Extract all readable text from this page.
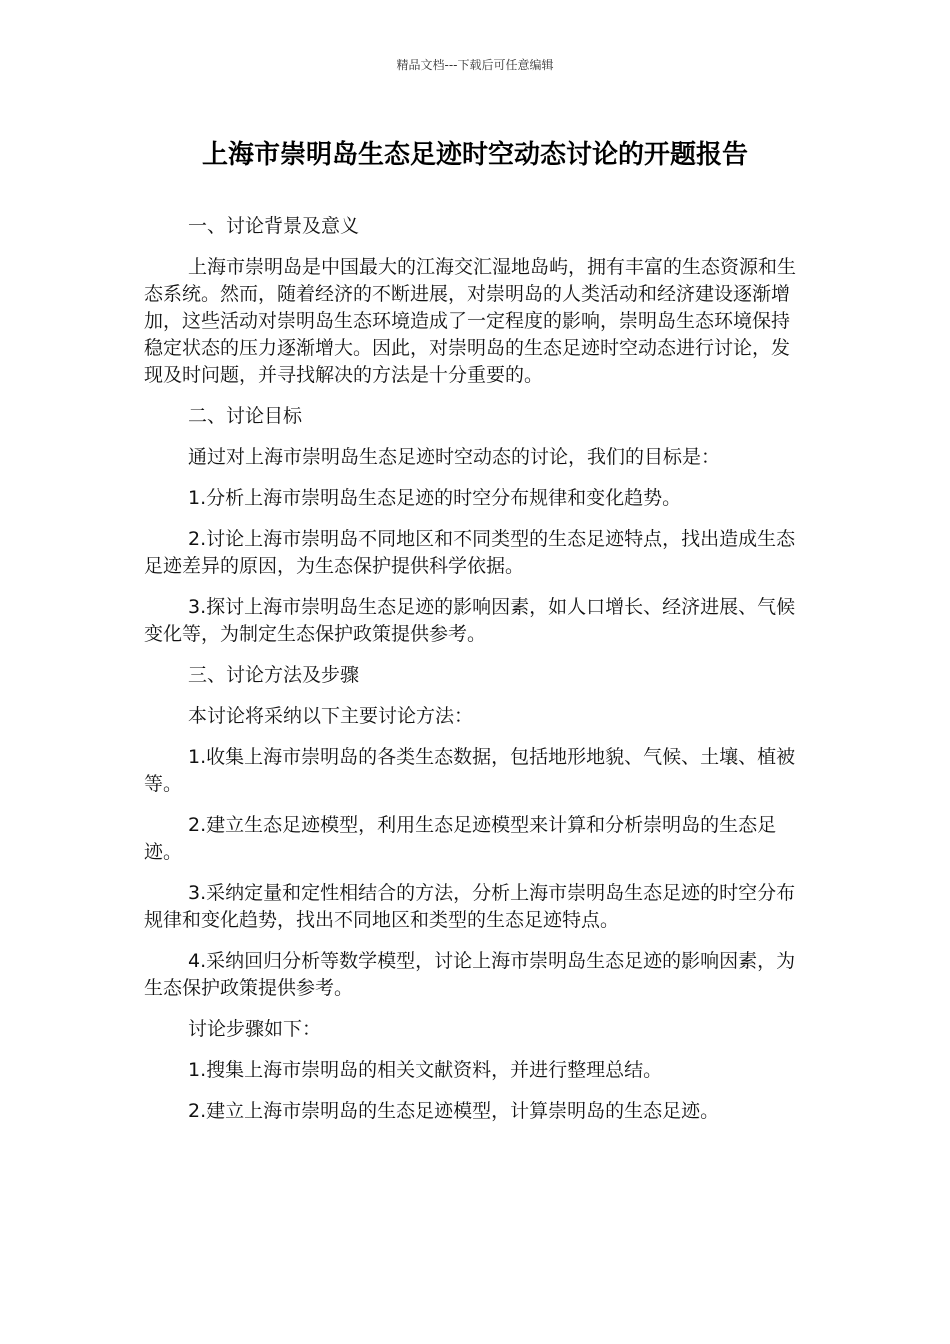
精品文档---下载后可任意编辑
上海市崇明岛生态足迹时空动态讨论的开题报告

一、讨论背景及意义

上海市崇明岛是中国最大的江海交汇湿地岛屿，拥有丰富的生态资源和生态系统。然而，随着经济的不断进展，对崇明岛的人类活动和经济建设逐渐增加，这些活动对崇明岛生态环境造成了一定程度的影响，崇明岛生态环境保持稳定状态的压力逐渐增大。因此，对崇明岛的生态足迹时空动态进行讨论，发现及时问题，并寻找解决的方法是十分重要的。

二、讨论目标

通过对上海市崇明岛生态足迹时空动态的讨论，我们的目标是：

1.分析上海市崇明岛生态足迹的时空分布规律和变化趋势。

2.讨论上海市崇明岛不同地区和不同类型的生态足迹特点，找出造成生态足迹差异的原因，为生态保护提供科学依据。

3.探讨上海市崇明岛生态足迹的影响因素，如人口增长、经济进展、气候变化等，为制定生态保护政策提供参考。

三、讨论方法及步骤

本讨论将采纳以下主要讨论方法：

1.收集上海市崇明岛的各类生态数据，包括地形地貌、气候、土壤、植被等。

2.建立生态足迹模型，利用生态足迹模型来计算和分析崇明岛的生态足迹。

3.采纳定量和定性相结合的方法，分析上海市崇明岛生态足迹的时空分布规律和变化趋势，找出不同地区和类型的生态足迹特点。

4.采纳回归分析等数学模型，讨论上海市崇明岛生态足迹的影响因素，为生态保护政策提供参考。

讨论步骤如下：

1.搜集上海市崇明岛的相关文献资料，并进行整理总结。

2.建立上海市崇明岛的生态足迹模型，计算崇明岛的生态足迹。
